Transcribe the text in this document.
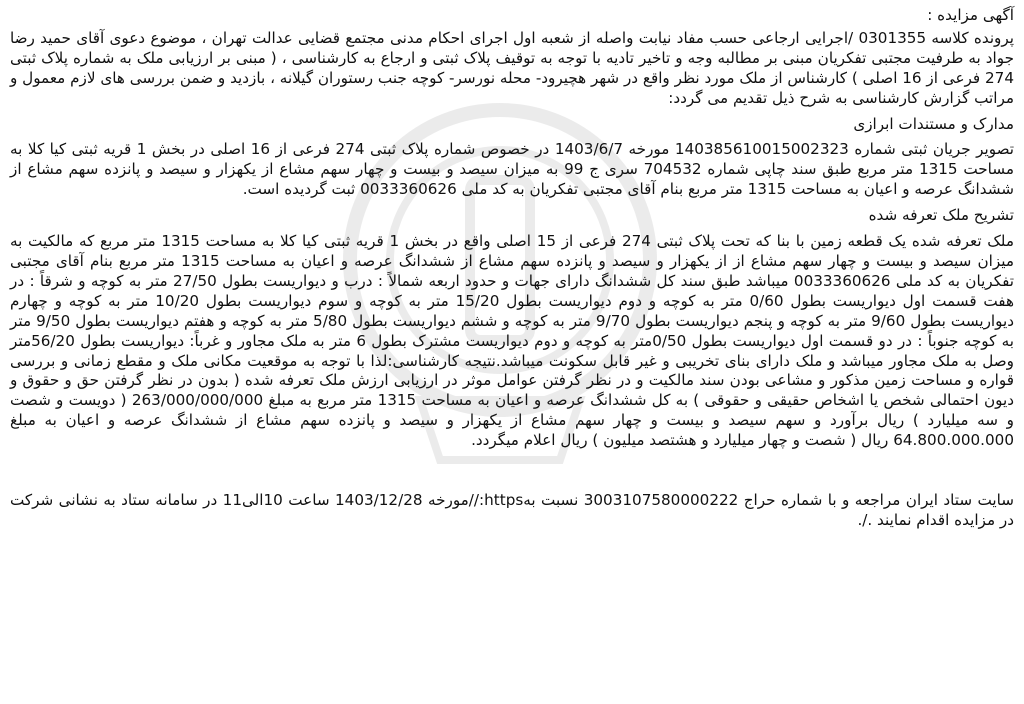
آگهی مزایده :

پرونده کلاسه 0301355 /اجرایی ارجاعی حسب مفاد نیابت واصله از شعبه اول اجرای احکام مدنی مجتمع قضایی عدالت تهران ، موضوع دعوی آقای حمید رضا جواد به طرفیت مجتبی تفکریان مبنی بر مطالبه وجه و تاخیر تادیه با توجه به توقیف پلاک ثبتی و ارجاع به کارشناسی ، ( مبنی بر ارزیابی ملک به شماره پلاک ثبتی 274 فرعی از 16 اصلی ) کارشناس از ملک مورد نظر واقع در شهر هچیرود- محله نورسر- کوچه جنب رستوران گیلانه ، بازدید و ضمن بررسی های لازم معمول و مراتب گزارش کارشناسی به شرح ذیل تقدیم می گردد:

مدارک و مستندات ابرازی

تصویر جریان ثبتی شماره 140385610015002323 مورخه 1403/6/7 در خصوص شماره پلاک ثبتی 274 فرعی از 16 اصلی در بخش 1 قریه ثبتی کیا کلا به مساحت 1315 متر مربع طبق سند چاپی شماره 704532 سری ج 99 به میزان سیصد و بیست و چهار سهم مشاع از یکهزار و سیصد و پانزده سهم مشاع از ششدانگ عرصه و اعیان به مساحت 1315 متر مربع بنام آقای مجتبی تفکریان به کد ملی 0033360626 ثبت گردیده است.

تشریح ملک تعرفه شده

ملک تعرفه شده یک قطعه زمین با بنا که تحت پلاک ثبتی 274 فرعی از 15 اصلی واقع در بخش 1 قریه ثبتی کیا کلا به مساحت 1315 متر مربع که مالکیت به میزان سیصد و بیست و چهار سهم مشاع از از یکهزار و سیصد و پانزده سهم مشاع از ششدانگ عرصه و اعیان به مساحت 1315 متر مربع بنام آقای مجتبی تفکریان به کد ملی 0033360626 میباشد طبق سند کل ششدانگ دارای جهات و حدود اربعه شمالاً : درب و دیواریست بطول 27/50 متر به کوچه و شرقاً : در هفت قسمت اول دیواریست بطول 0/60 متر به کوچه و دوم دیواریست بطول 15/20 متر به کوچه و سوم دیواریست بطول 10/20 متر به کوچه و چهارم دیواریست بطول 9/60 متر به کوچه و پنجم دیواریست بطول 9/70 متر به کوچه و ششم دیواریست بطول 5/80 متر به کوچه و هفتم دیواریست بطول 9/50 متر به کوچه جنوباً : در دو قسمت اول دیواریست بطول 0/50متر به کوچه و دوم دیواریست مشترک بطول 6 متر به ملک مجاور و غرباً: دیواریست بطول 56/20متر وصل به ملک مجاور میباشد و ملک دارای بنای تخریبی و غیر قابل سکونت میباشد.نتیجه کارشناسی:لذا با توجه به موقعیت مکانی ملک و مقطع زمانی و بررسی قواره و مساحت زمین مذکور و مشاعی بودن سند مالکیت و در نظر گرفتن عوامل موثر در ارزیابی ارزش ملک تعرفه شده ( بدون در نظر گرفتن حق و حقوق و دیون احتمالی شخص یا اشخاص حقیقی و حقوقی ) به کل ششدانگ عرصه و اعیان به مساحت 1315 متر مربع به مبلغ 263/000/000/000 ( دویست و شصت و سه میلیارد ) ریال برآورد و سهم سیصد و بیست و چهار سهم مشاع از یکهزار و سیصد و پانزده سهم مشاع از ششدانگ عرصه و اعیان به مبلغ 64.800.000.000 ریال ( شصت و چهار میلیارد و هشتصد میلیون ) ریال اعلام میگردد.

سایت ستاد ایران مراجعه و با شماره حراج 3003107580000222 نسبت بهhttps://مورخه 1403/12/28 ساعت 10الی11 در سامانه ستاد به نشانی شرکت در مزایده اقدام نمایند ./.
